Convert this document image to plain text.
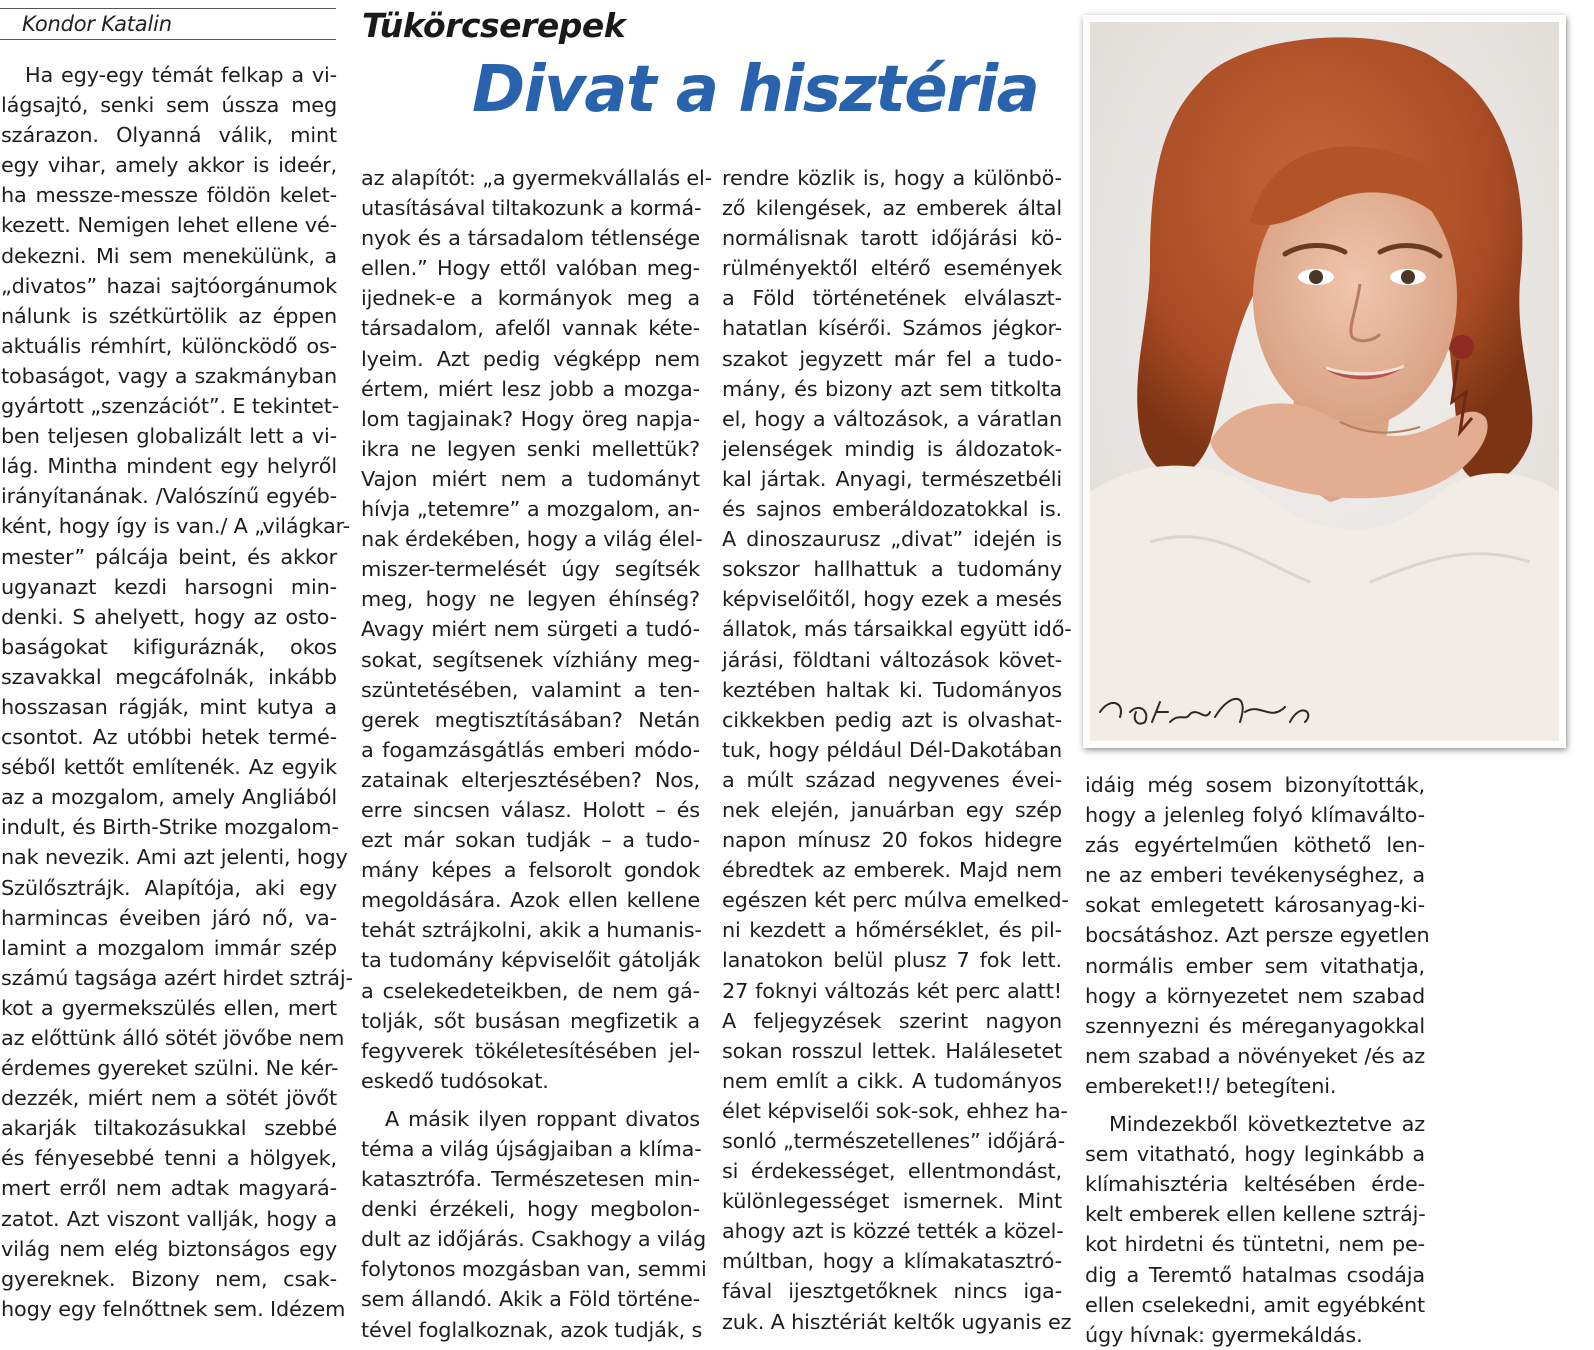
Kondor Katalin	Tükörcserepek
Divat a hisztéria
Ha egy-egy témát felkap a vi-
lágsajtó, senki sem ússza meg
szárazon. Olyanná válik, mint
egy vihar, amely akkor is ideér,
ha messze-messze földön kelet-
kezett. Nemigen lehet ellene vé-
dekezni. Mi sem menekülünk, a
„divatos” hazai sajtóorgánumok
nálunk is szétkürtölik az éppen
aktuális rémhírt, különcködő os-
tobaságot, vagy a szakmányban
gyártott „szenzációt”. E tekintet-
ben teljesen globalizált lett a vi-
lág. Mintha mindent egy helyről
irányítanának. /Valószínű egyéb-
ként, hogy így is van./ A „világkar-
mester” pálcája beint, és akkor
ugyanazt kezdi harsogni min-
denki. S ahelyett, hogy az osto-
baságokat kifiguráznák, okos
szavakkal megcáfolnák, inkább
hosszasan rágják, mint kutya a
csontot. Az utóbbi hetek termé-
séből kettőt említenék. Az egyik
az a mozgalom, amely Angliából
indult, és Birth-Strike mozgalom-
nak nevezik. Ami azt jelenti, hogy
Szülősztrájk. Alapítója, aki egy
harmincas éveiben járó nő, va-
lamint a mozgalom immár szép
számú tagsága azért hirdet sztráj-
kot a gyermekszülés ellen, mert
az előttünk álló sötét jövőbe nem
érdemes gyereket szülni. Ne kér-
dezzék, miért nem a sötét jövőt
akarják tiltakozásukkal szebbé
és fényesebbé tenni a hölgyek,
mert erről nem adtak magyará-
zatot. Azt viszont vallják, hogy a
világ nem elég biztonságos egy
gyereknek. Bizony nem, csak-
hogy egy felnőttnek sem. Idézem
az alapítót: „a gyermekvállalás el-
utasításával tiltakozunk a kormá-
nyok és a társadalom tétlensége
ellen.” Hogy ettől valóban meg-
ijednek-e a kormányok meg a
társadalom, afelől vannak kéte-
lyeim. Azt pedig végképp nem
értem, miért lesz jobb a mozga-
lom tagjainak? Hogy öreg napja-
ikra ne legyen senki mellettük?
Vajon miért nem a tudományt
hívja „tetemre” a mozgalom, an-
nak érdekében, hogy a világ élel-
miszer-termelését úgy segítsék
meg, hogy ne legyen éhínség?
Avagy miért nem sürgeti a tudó-
sokat, segítsenek vízhiány meg-
szüntetésében, valamint a ten-
gerek megtisztításában? Netán
a fogamzásgátlás emberi módo-
zatainak elterjesztésében? Nos,
erre sincsen válasz. Holott – és
ezt már sokan tudják – a tudo-
mány képes a felsorolt gondok
megoldására. Azok ellen kellene
tehát sztrájkolni, akik a humanis-
ta tudomány képviselőit gátolják
a cselekedeteikben, de nem gá-
tolják, sőt busásan megfizetik a
fegyverek tökéletesítésében jel-
eskedő tudósokat.
A másik ilyen roppant divatos
téma a világ újságjaiban a klíma-
katasztrófa. Természetesen min-
denki érzékeli, hogy megbolon-
dult az időjárás. Csakhogy a világ
folytonos mozgásban van, semmi
sem állandó. Akik a Föld történe-
tével foglalkoznak, azok tudják, s
rendre közlik is, hogy a különbö-
ző kilengések, az emberek által
normálisnak tarott időjárási kö-
rülményektől eltérő események
a Föld történetének elválaszt-
hatatlan kísérői. Számos jégkor-
szakot jegyzett már fel a tudo-
mány, és bizony azt sem titkolta
el, hogy a változások, a váratlan
jelenségek mindig is áldozatok-
kal jártak. Anyagi, természetbéli
és sajnos emberáldozatokkal is.
A dinoszaurusz „divat” idején is
sokszor hallhattuk a tudomány
képviselőitől, hogy ezek a mesés
állatok, más társaikkal együtt idő-
járási, földtani változások követ-
keztében haltak ki. Tudományos
cikkekben pedig azt is olvashat-
tuk, hogy például Dél-Dakotában
a múlt század negyvenes évei-
nek elején, januárban egy szép
napon mínusz 20 fokos hidegre
ébredtek az emberek. Majd nem
egészen két perc múlva emelked-
ni kezdett a hőmérséklet, és pil-
lanatokon belül plusz 7 fok lett.
27 foknyi változás két perc alatt!
A feljegyzések szerint nagyon
sokan rosszul lettek. Halálesetet
nem említ a cikk. A tudományos
élet képviselői sok-sok, ehhez ha-
sonló „természetellenes” időjárá-
si érdekességet, ellentmondást,
különlegességet ismernek. Mint
ahogy azt is közzé tették a közel-
múltban, hogy a klímakatasztró-
fával ijesztgetőknek nincs iga-
zuk. A hisztériát keltők ugyanis ez
idáig még sosem bizonyították,
hogy a jelenleg folyó klímaválto-
zás egyértelműen köthető len-
ne az emberi tevékenységhez, a
sokat emlegetett károsanyag-ki-
bocsátáshoz. Azt persze egyetlen
normális ember sem vitathatja,
hogy a környezetet nem szabad
szennyezni és méreganyagokkal
nem szabad a növényeket /és az
embereket!!/ betegíteni.
Mindezekből következtetve az
sem vitatható, hogy leginkább a
klímahisztéria keltésében érde-
kelt emberek ellen kellene sztráj-
kot hirdetni és tüntetni, nem pe-
dig a Teremtő hatalmas csodája
ellen cselekedni, amit egyébként
úgy hívnak: gyermekáldás.
